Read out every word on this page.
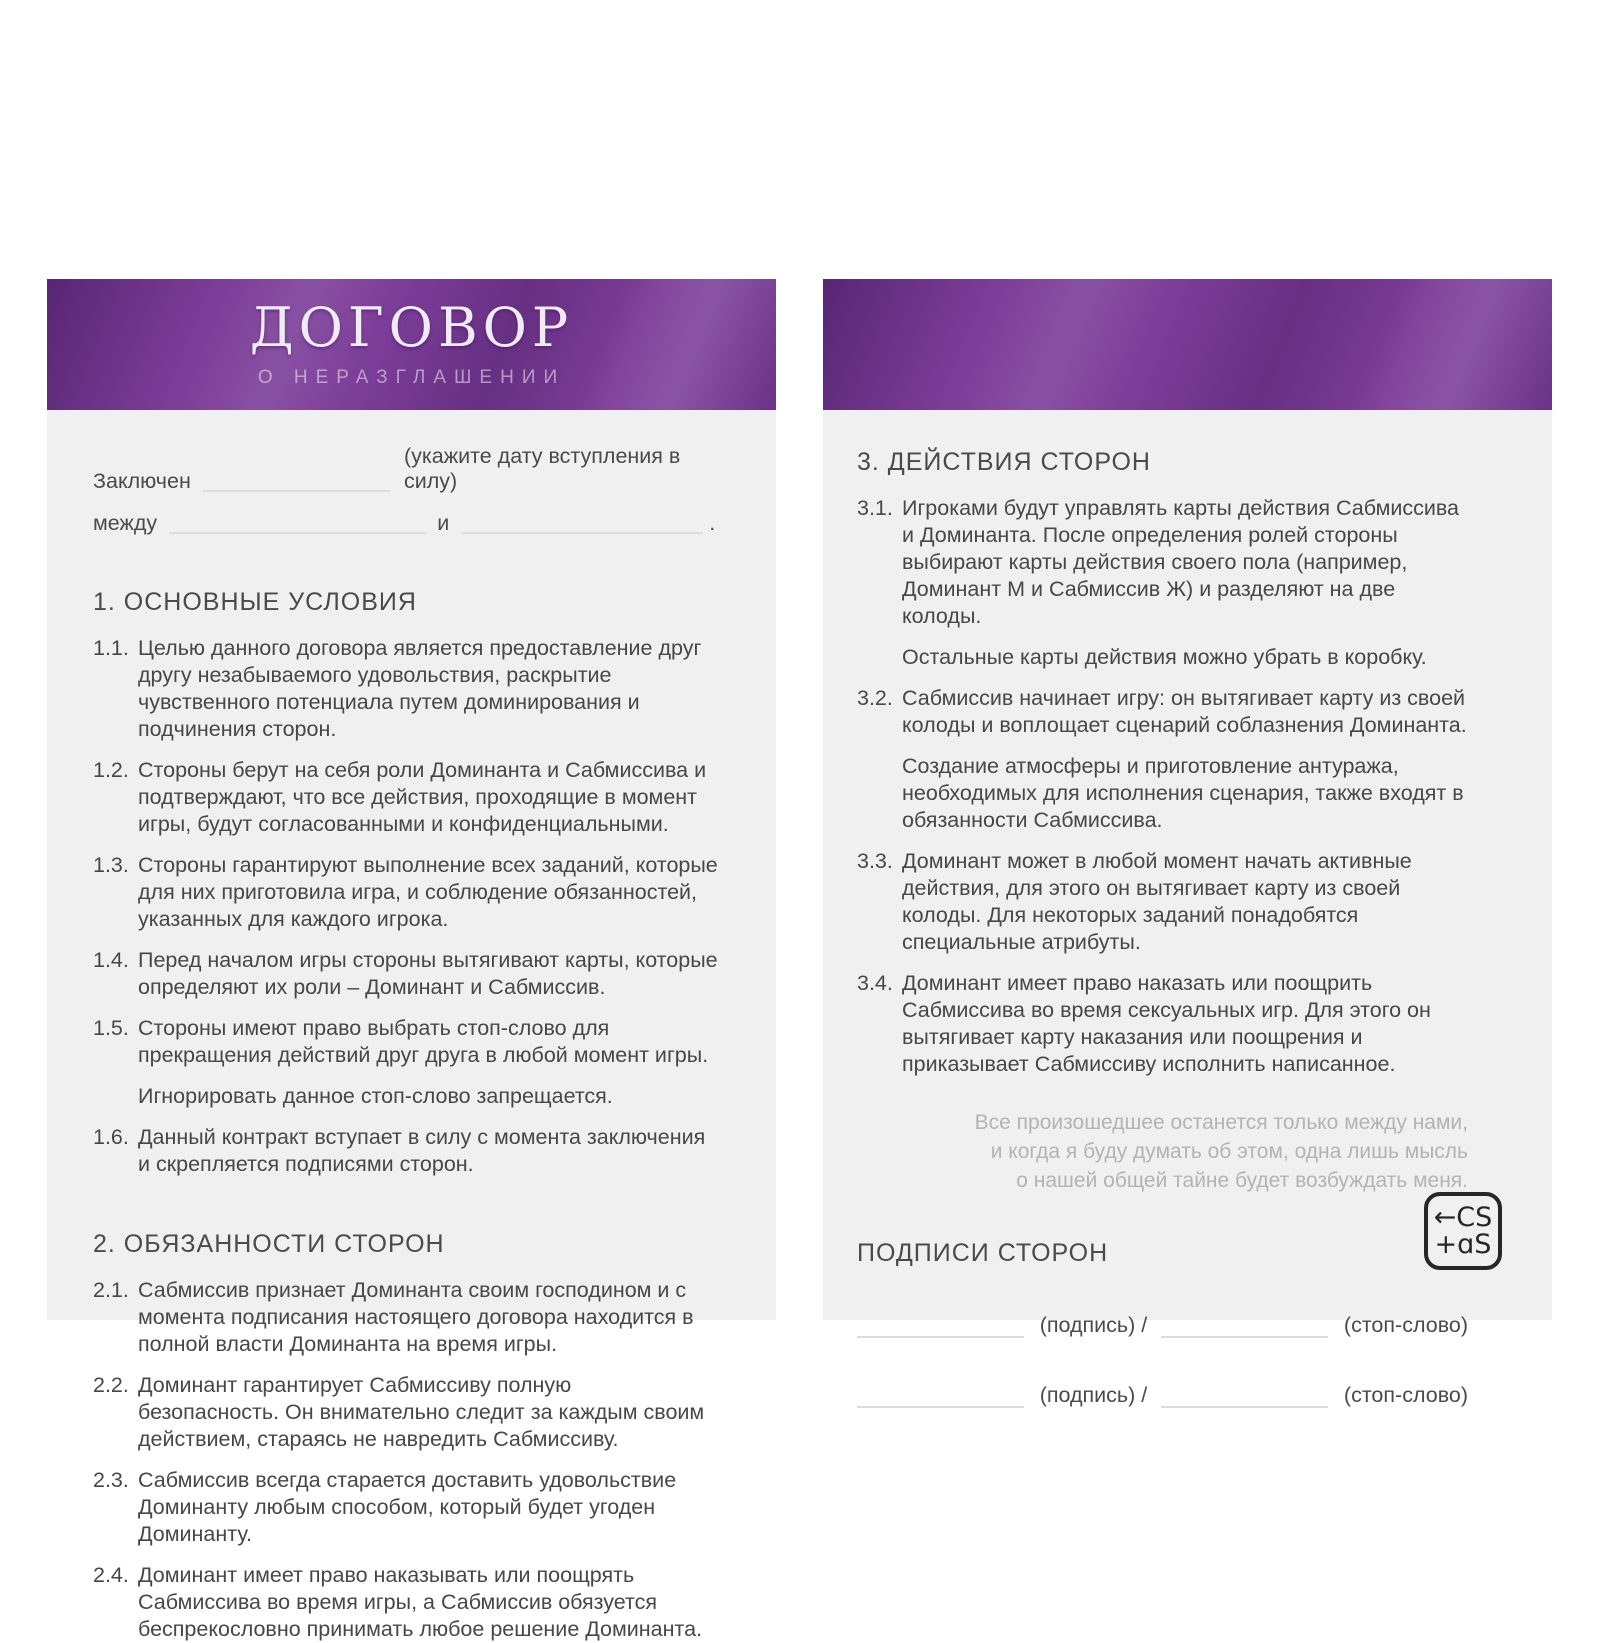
ДОГОВОР
О НЕРАЗГЛАШЕНИИ
Заключен
(укажите дату вступления в силу)
между	и	.
1. ОСНОВНЫЕ УСЛОВИЯ
1.1. Целью данного договора является предоставление друг другу незабываемого удовольствия, раскрытие чувственного потенциала путем доминирования и подчинения сторон.
1.2. Стороны берут на себя роли Доминанта и Сабмиссива и подтверждают, что все действия, проходящие в момент игры, будут согласованными и конфиденциальными.
1.3. Стороны гарантируют выполнение всех заданий, которые для них приготовила игра, и соблюдение обязанностей, указанных для каждого игрока.
1.4. Перед началом игры стороны вытягивают карты, которые определяют их роли – Доминант и Сабмиссив.
1.5. Стороны имеют право выбрать стоп-слово для прекращения действий друг друга в любой момент игры.
Игнорировать данное стоп-слово запрещается.
1.6. Данный контракт вступает в силу с момента заключения и скрепляется подписями сторон.
2. ОБЯЗАННОСТИ СТОРОН
2.1. Сабмиссив признает Доминанта своим господином и с момента подписания настоящего договора находится в полной власти Доминанта на время игры.
2.2. Доминант гарантирует Сабмиссиву полную безопасность. Он внимательно следит за каждым своим действием, стараясь не навредить Сабмиссиву.
2.3. Сабмиссив всегда старается доставить удовольствие Доминанту любым способом, который будет угоден Доминанту.
2.4. Доминант имеет право наказывать или поощрять Сабмиссива во время игры, а Сабмиссив обязуется беспрекословно принимать любое решение Доминанта.
3. ДЕЙСТВИЯ СТОРОН
3.1. Игроками будут управлять карты действия Сабмиссива и Доминанта. После определения ролей стороны выбирают карты действия своего пола (например, Доминант М и Сабмиссив Ж) и разделяют на две колоды.
Остальные карты действия можно убрать в коробку.
3.2. Сабмиссив начинает игру: он вытягивает карту из своей колоды и воплощает сценарий соблазнения Доминанта.
Создание атмосферы и приготовление антуража, необходимых для исполнения сценария, также входят в обязанности Сабмиссива.
3.3. Доминант может в любой момент начать активные действия, для этого он вытягивает карту из своей колоды. Для некоторых заданий понадобятся специальные атрибуты.
3.4. Доминант имеет право наказать или поощрить Сабмиссива во время сексуальных игр. Для этого он вытягивает карту наказания или поощрения и приказывает Сабмиссиву исполнить написанное.
Все произошедшее останется только между нами,
и когда я буду думать об этом, одна лишь мысль
о нашей общей тайне будет возбуждать меня.
ПОДПИСИ СТОРОН
(подпись) /	(стоп-слово)
(подпись) /	(стоп-слово)
←CS
+ɑS
